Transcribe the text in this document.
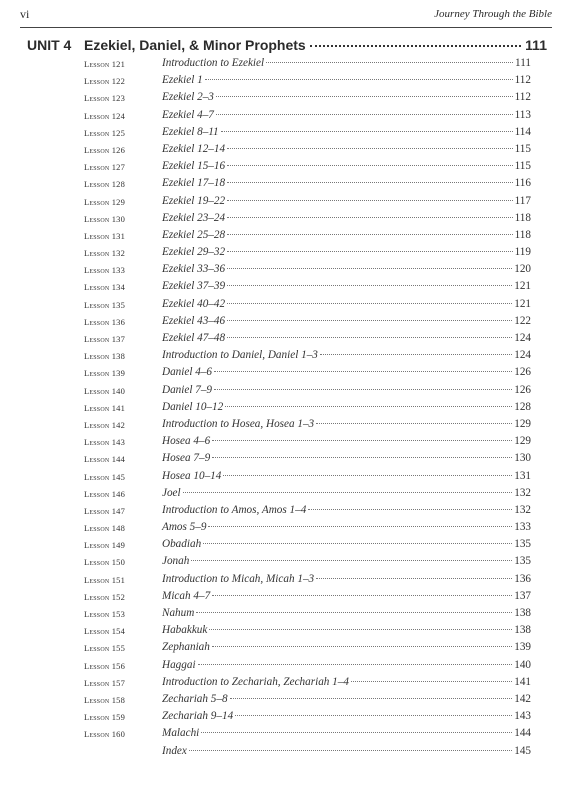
vi	Journey Through the Bible
UNIT 4 Ezekiel, Daniel, & Minor Prophets	111
Lesson 121	Introduction to Ezekiel	111
Lesson 122	Ezekiel 1	112
Lesson 123	Ezekiel 2–3	112
Lesson 124	Ezekiel 4–7	113
Lesson 125	Ezekiel 8–11	114
Lesson 126	Ezekiel 12–14	115
Lesson 127	Ezekiel 15–16	115
Lesson 128	Ezekiel 17–18	116
Lesson 129	Ezekiel 19–22	117
Lesson 130	Ezekiel 23–24	118
Lesson 131	Ezekiel 25–28	118
Lesson 132	Ezekiel 29–32	119
Lesson 133	Ezekiel 33–36	120
Lesson 134	Ezekiel 37–39	121
Lesson 135	Ezekiel 40–42	121
Lesson 136	Ezekiel 43–46	122
Lesson 137	Ezekiel 47–48	124
Lesson 138	Introduction to Daniel, Daniel 1–3	124
Lesson 139	Daniel 4–6	126
Lesson 140	Daniel 7–9	126
Lesson 141	Daniel 10–12	128
Lesson 142	Introduction to Hosea, Hosea 1–3	129
Lesson 143	Hosea 4–6	129
Lesson 144	Hosea 7–9	130
Lesson 145	Hosea 10–14	131
Lesson 146	Joel	132
Lesson 147	Introduction to Amos, Amos 1–4	132
Lesson 148	Amos 5–9	133
Lesson 149	Obadiah	135
Lesson 150	Jonah	135
Lesson 151	Introduction to Micah, Micah 1–3	136
Lesson 152	Micah 4–7	137
Lesson 153	Nahum	138
Lesson 154	Habakkuk	138
Lesson 155	Zephaniah	139
Lesson 156	Haggai	140
Lesson 157	Introduction to Zechariah, Zechariah 1–4	141
Lesson 158	Zechariah 5–8	142
Lesson 159	Zechariah 9–14	143
Lesson 160	Malachi	144
Index	145
